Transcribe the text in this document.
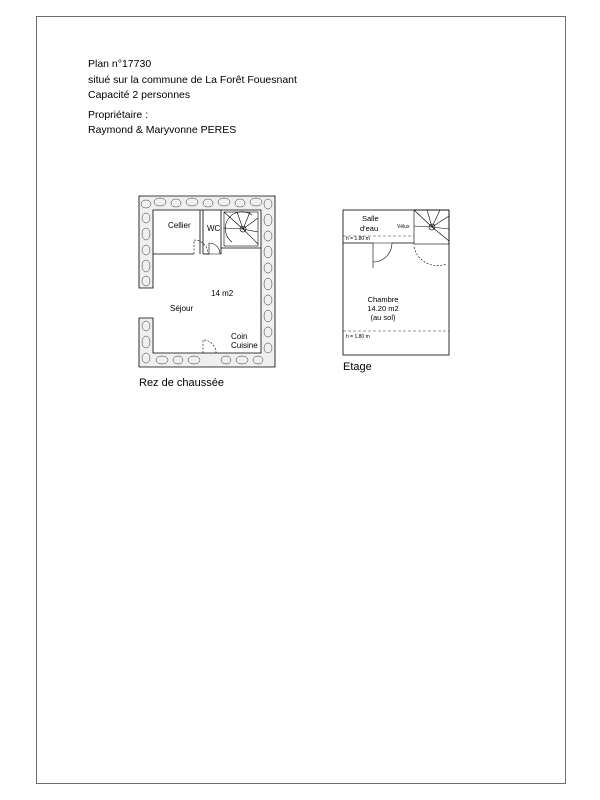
Plan n°17730
situé sur la commune de La Forêt Fouesnant
Capacité 2 personnes
Propriétaire :
Raymond & Maryvonne PERES
Cellier WC
14 m2
Séjour
Coin
Cuisine
Salle
d'eau	Vélux
h = 1.80 m
Chambre
14.20 m2
(au sol)
h = 1.80 m
Rez de chaussée
Etage
